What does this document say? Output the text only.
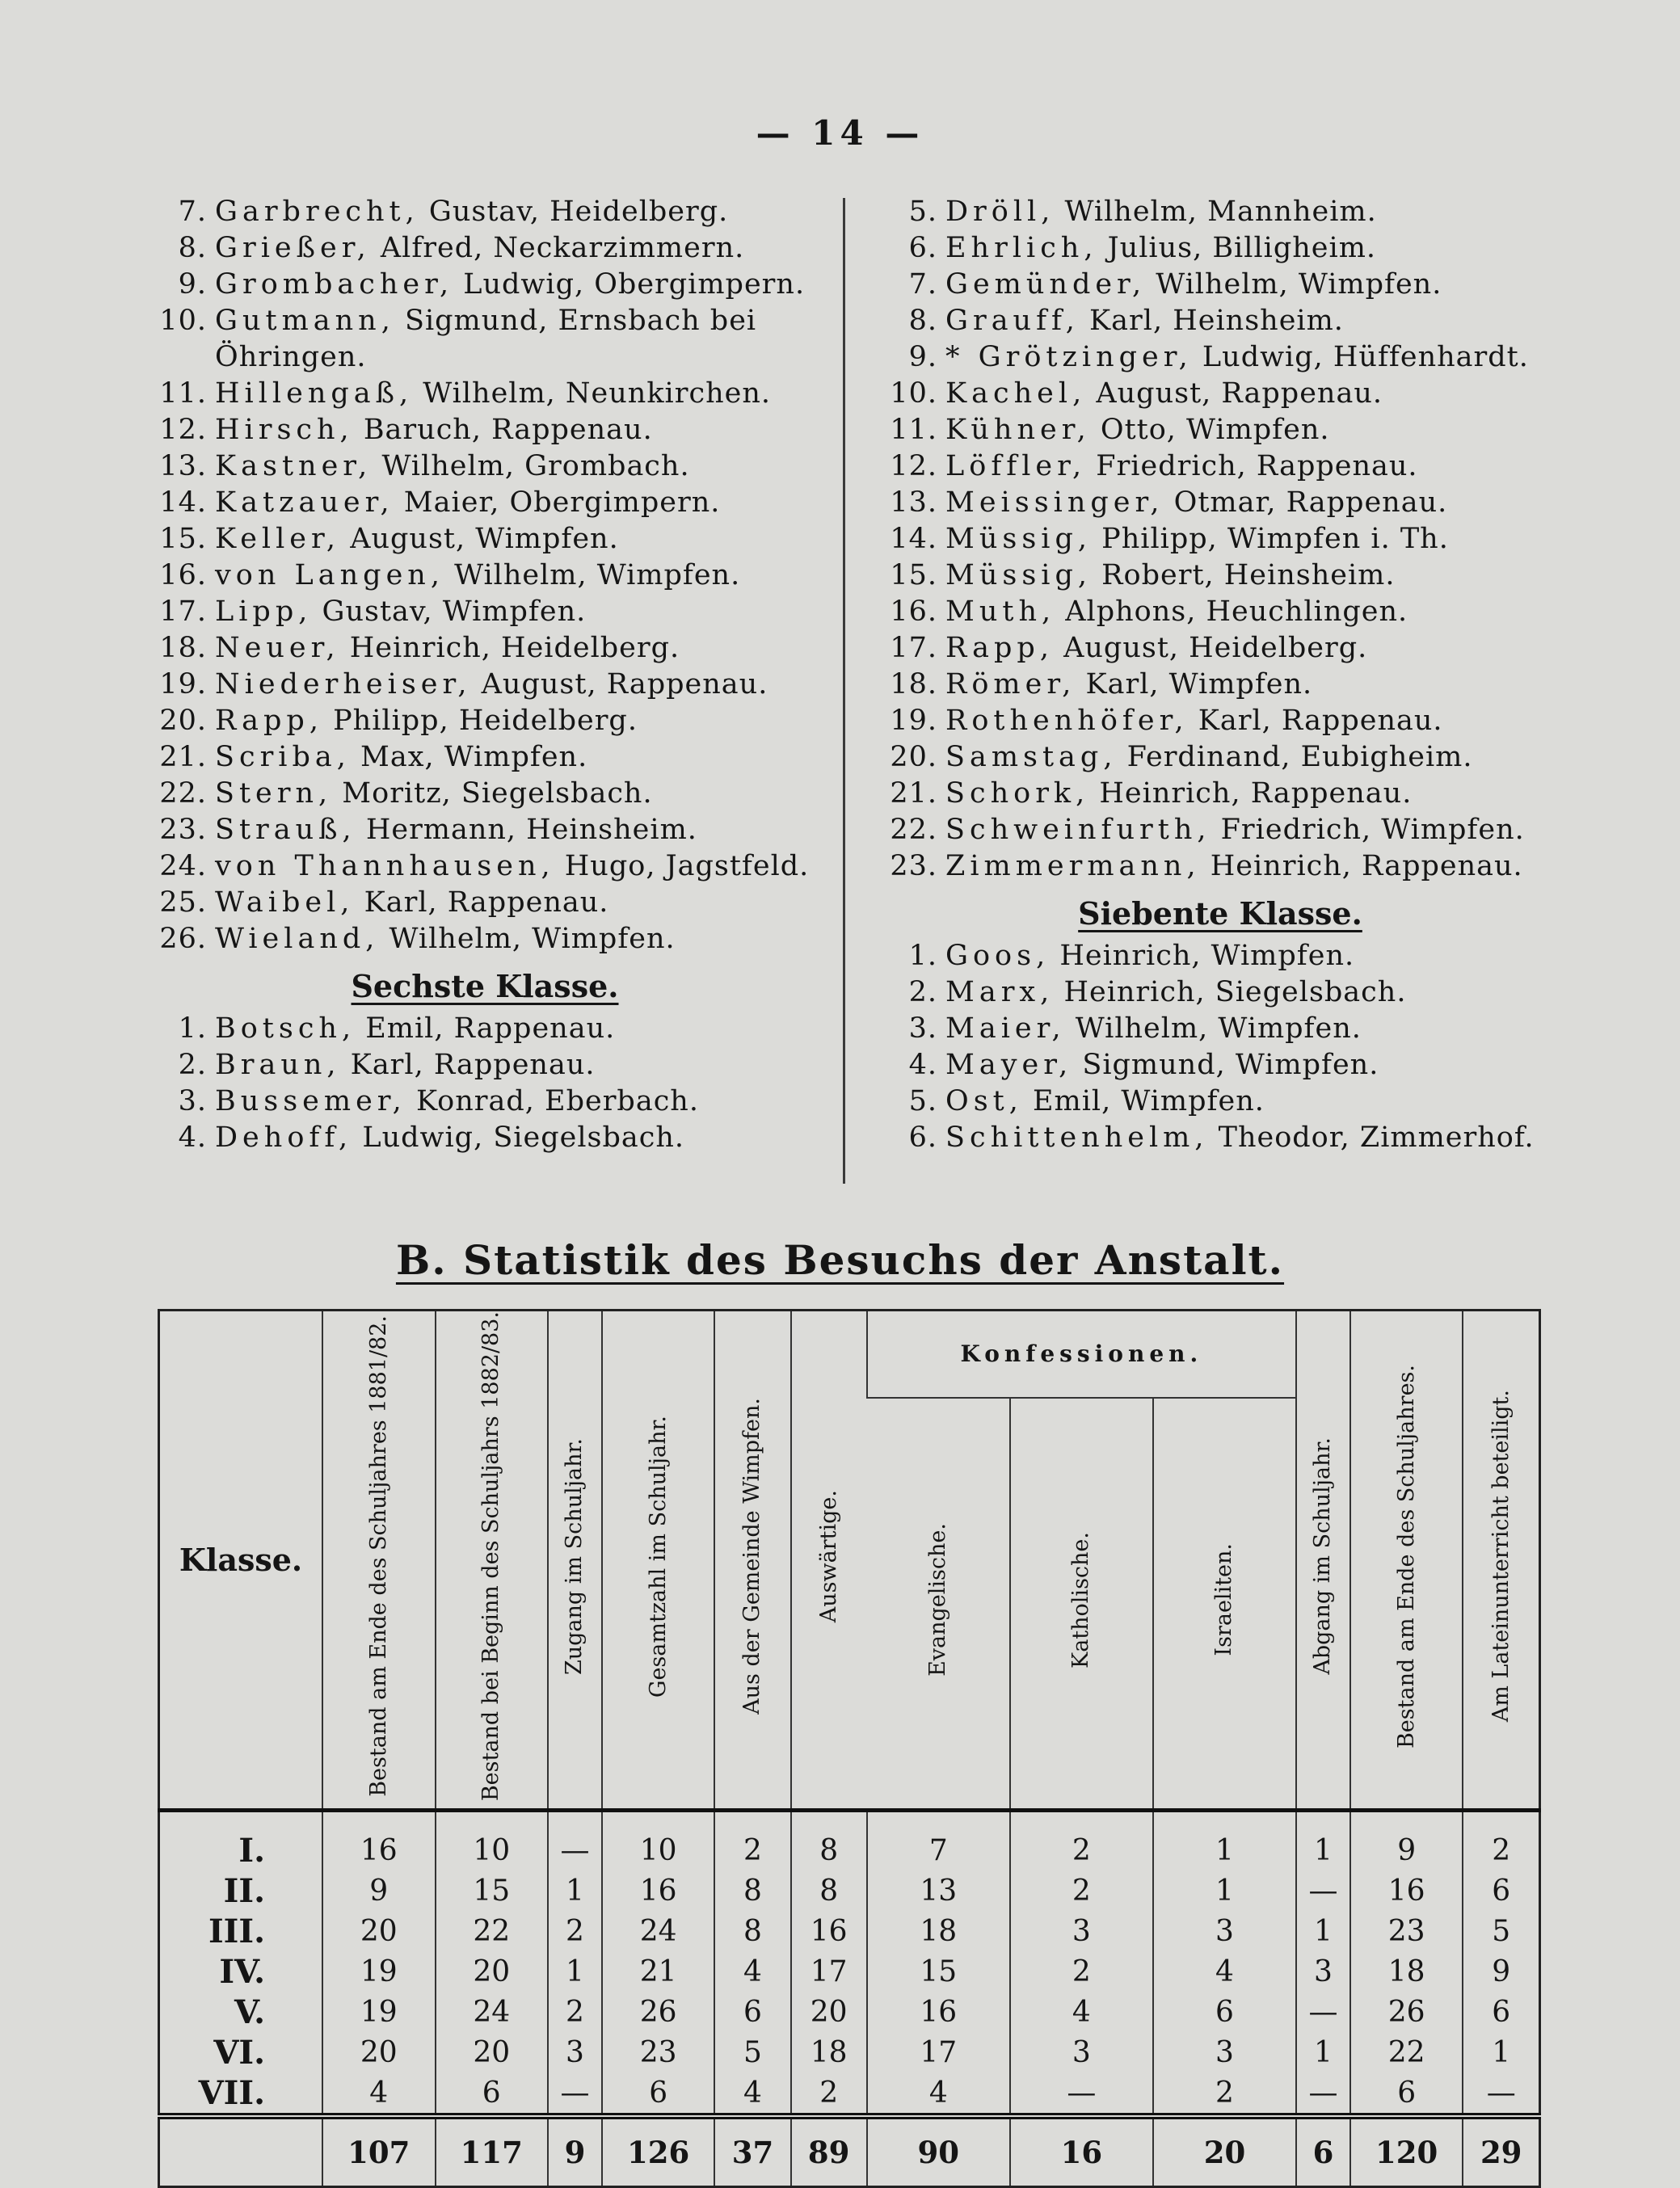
— 14 —
7. Garbrecht, Gustav, Heidelberg.
8. Grießer, Alfred, Neckarzimmern.
9. Grombacher, Ludwig, Obergimpern.
10. Gutmann, Sigmund, Ernsbach bei
Öhringen.
11. Hillengaß, Wilhelm, Neunkirchen.
12. Hirsch, Baruch, Rappenau.
13. Kastner, Wilhelm, Grombach.
14. Katzauer, Maier, Obergimpern.
15. Keller, August, Wimpfen.
16. von Langen, Wilhelm, Wimpfen.
17. Lipp, Gustav, Wimpfen.
18. Neuer, Heinrich, Heidelberg.
19. Niederheiser, August, Rappenau.
20. Rapp, Philipp, Heidelberg.
21. Scriba, Max, Wimpfen.
22. Stern, Moritz, Siegelsbach.
23. Strauß, Hermann, Heinsheim.
24. von Thannhausen, Hugo, Jagstfeld.
25. Waibel, Karl, Rappenau.
26. Wieland, Wilhelm, Wimpfen.
Sechste Klasse.
1. Botsch, Emil, Rappenau.
2. Braun, Karl, Rappenau.
3. Bussemer, Konrad, Eberbach.
4. Dehoff, Ludwig, Siegelsbach.
5. Dröll, Wilhelm, Mannheim.
6. Ehrlich, Julius, Billigheim.
7. Gemünder, Wilhelm, Wimpfen.
8. Grauff, Karl, Heinsheim.
9. * Grötzinger, Ludwig, Hüffenhardt.
10. Kachel, August, Rappenau.
11. Kühner, Otto, Wimpfen.
12. Löffler, Friedrich, Rappenau.
13. Meissinger, Otmar, Rappenau.
14. Müssig, Philipp, Wimpfen i. Th.
15. Müssig, Robert, Heinsheim.
16. Muth, Alphons, Heuchlingen.
17. Rapp, August, Heidelberg.
18. Römer, Karl, Wimpfen.
19. Rothenhöfer, Karl, Rappenau.
20. Samstag, Ferdinand, Eubigheim.
21. Schork, Heinrich, Rappenau.
22. Schweinfurth, Friedrich, Wimpfen.
23. Zimmermann, Heinrich, Rappenau.
Siebente Klasse.
1. Goos, Heinrich, Wimpfen.
2. Marx, Heinrich, Siegelsbach.
3. Maier, Wilhelm, Wimpfen.
4. Mayer, Sigmund, Wimpfen.
5. Ost, Emil, Wimpfen.
6. Schittenhelm, Theodor, Zimmerhof.
B. Statistik des Besuchs der Anstalt.
Klasse.	Bestand am Ende des Schuljahres 1881/82.	Bestand bei Beginn des Schuljahrs 1882/83.	Zugang im Schuljahr.	Gesamtzahl im Schuljahr.	Aus der Gemeinde Wimpfen.	Auswärtige.	Konfessionen.			Abgang im Schuljahr.	Bestand am Ende des Schuljahres.	Am Lateinunterricht beteiligt.
							Evangelische.	Katholische.	Israeliten.			
I.	16	10	—	10	2	8	7	2	1	1	9	2
II.	9	15	1	16	8	8	13	2	1	—	16	6
III.	20	22	2	24	8	16	18	3	3	1	23	5
IV.	19	20	1	21	4	17	15	2	4	3	18	9
V.	19	24	2	26	6	20	16	4	6	—	26	6
VI.	20	20	3	23	5	18	17	3	3	1	22	1
VII.	4	6	—	6	4	2	4	—	2	—	6	—
	107	117	9	126	37	89	90	16	20	6	120	29
